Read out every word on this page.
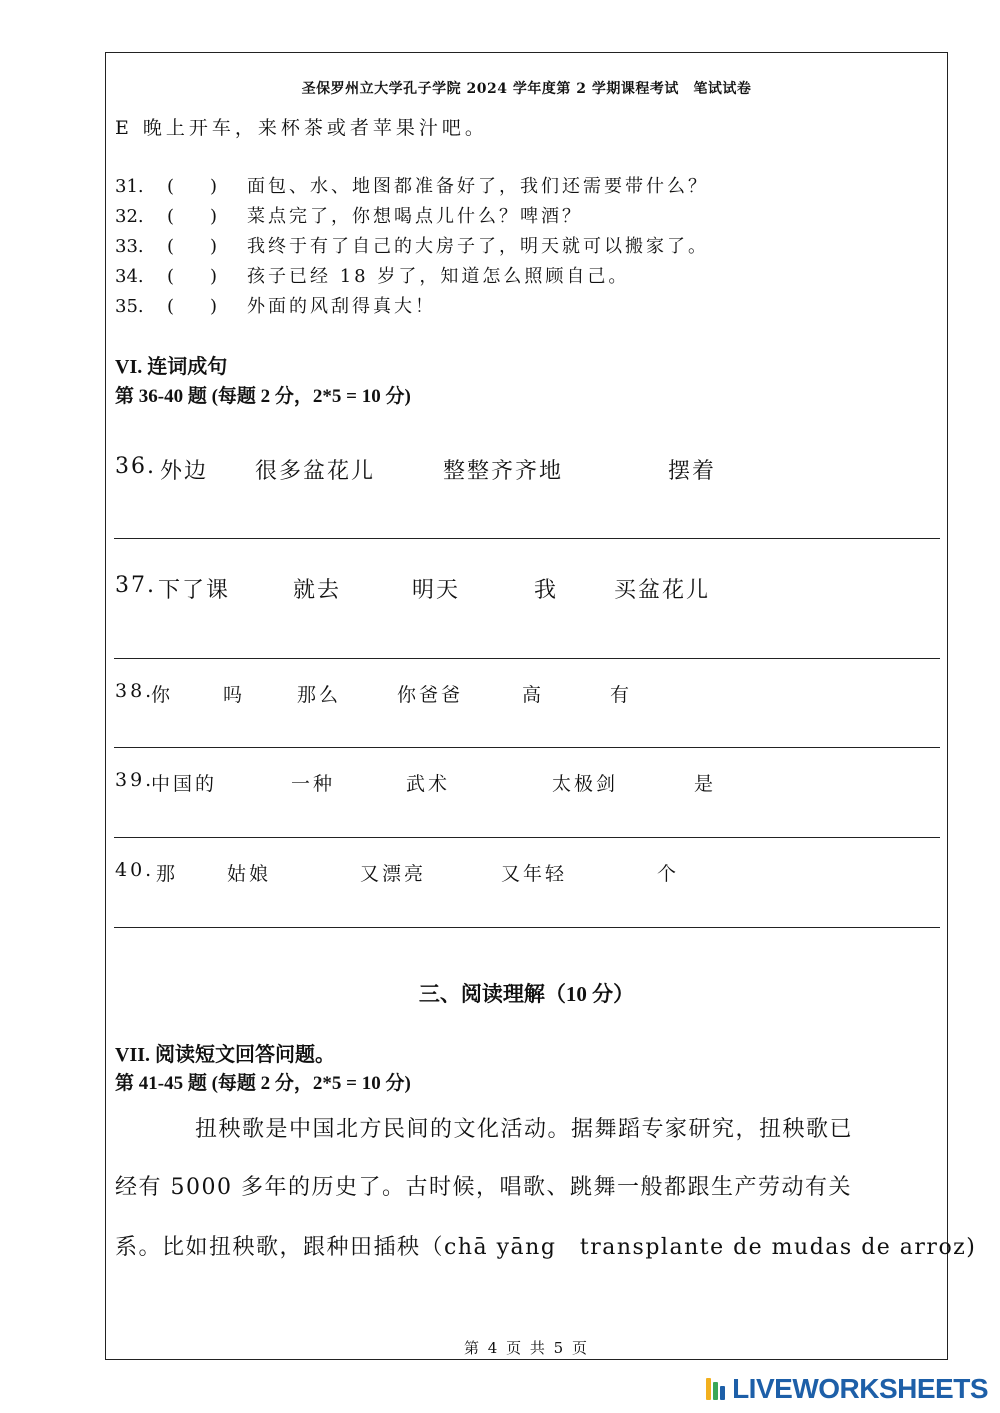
圣保罗州立大学孔子学院 2024 学年度第 2 学期课程考试　笔试试卷
E 晚上开车，来杯茶或者苹果汁吧。
31. (　　) 面包、水、地图都准备好了，我们还需要带什么？
32. (　　) 菜点完了，你想喝点儿什么？啤酒？
33. (　　) 我终于有了自己的大房子了，明天就可以搬家了。
34. (　　) 孩子已经 18 岁了，知道怎么照顾自己。
35. (　　) 外面的风刮得真大！
VI. 连词成句
第 36-40 题 (每题 2 分，2*5 = 10 分)
36. 外边 很多盆花儿	整整齐齐地	摆着
37. 下了课	就去	明天	我	买盆花儿
38.
你	吗	那么	你爸爸	高	有
39.
中国的	一种	武术	太极剑	是
40. 那	姑娘	又漂亮	又年轻	个
三、阅读理解（10 分）
VII. 阅读短文回答问题。
第 41-45 题 (每题 2 分，2*5 = 10 分)
扭秧歌是中国北方民间的文化活动。据舞蹈专家研究，扭秧歌已
经有 5000 多年的历史了。古时候，唱歌、跳舞一般都跟生产劳动有关
系。比如扭秧歌，跟种田插秧（chā yāng　transplante de mudas de arroz)
第 4 页 共 5 页
LIVEWORKSHEETS
